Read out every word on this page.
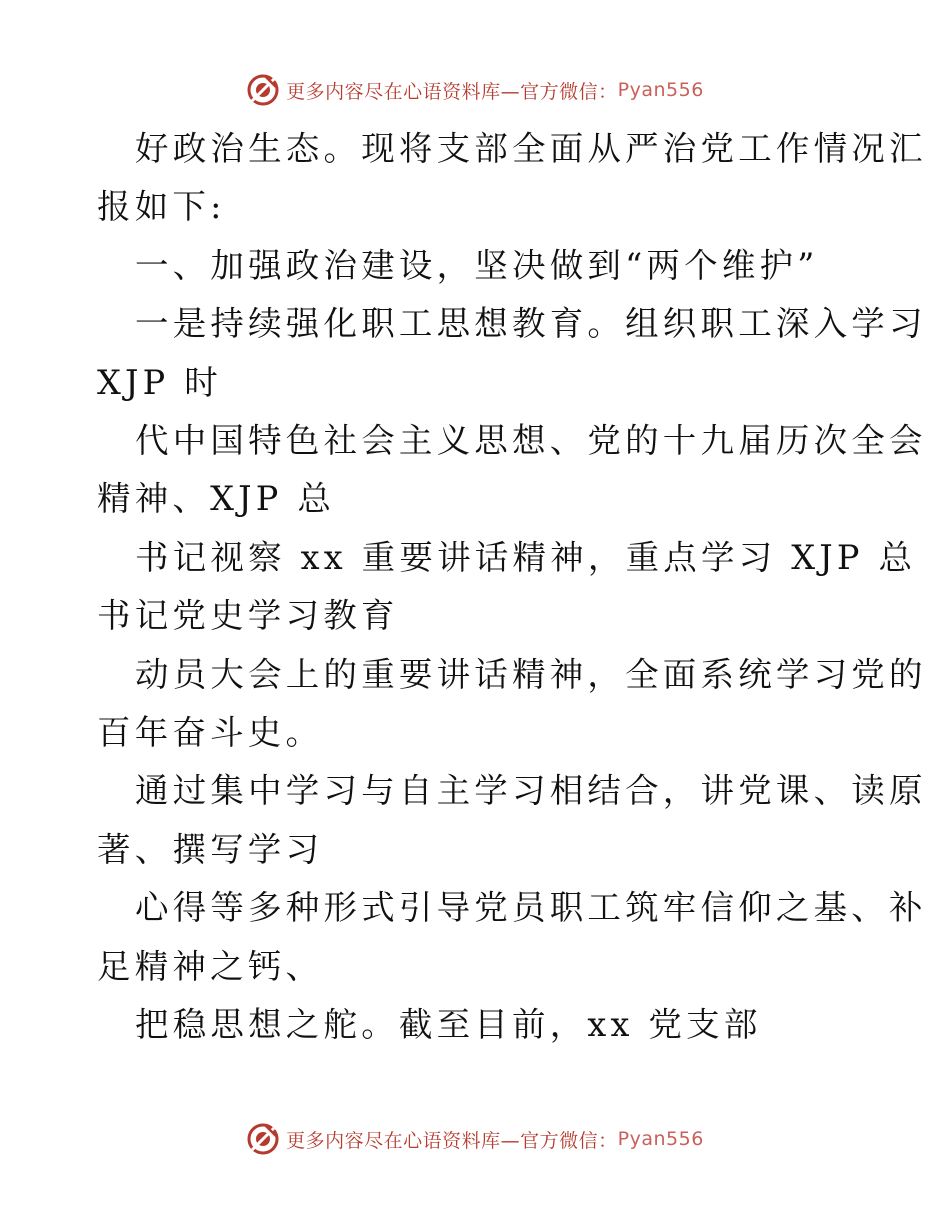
更多内容尽在心语资料库—官方微信： Pyan556

好政治生态。现将支部全面从严治党工作情况汇

报如下:

一、加强政治建设，坚决做到“两个维护”

一是持续强化职工思想教育。组织职工深入学习

XJP 时

代中国特色社会主义思想、党的十九届历次全会

精神、XJP 总

书记视察 xx 重要讲话精神，重点学习 XJP 总

书记党史学习教育

动员大会上的重要讲话精神，全面系统学习党的

百年奋斗史。

通过集中学习与自主学习相结合，讲党课、读原

著、撰写学习

心得等多种形式引导党员职工筑牢信仰之基、补

足精神之钙、

把稳思想之舵。截至目前，xx 党支部

更多内容尽在心语资料库—官方微信： Pyan556
